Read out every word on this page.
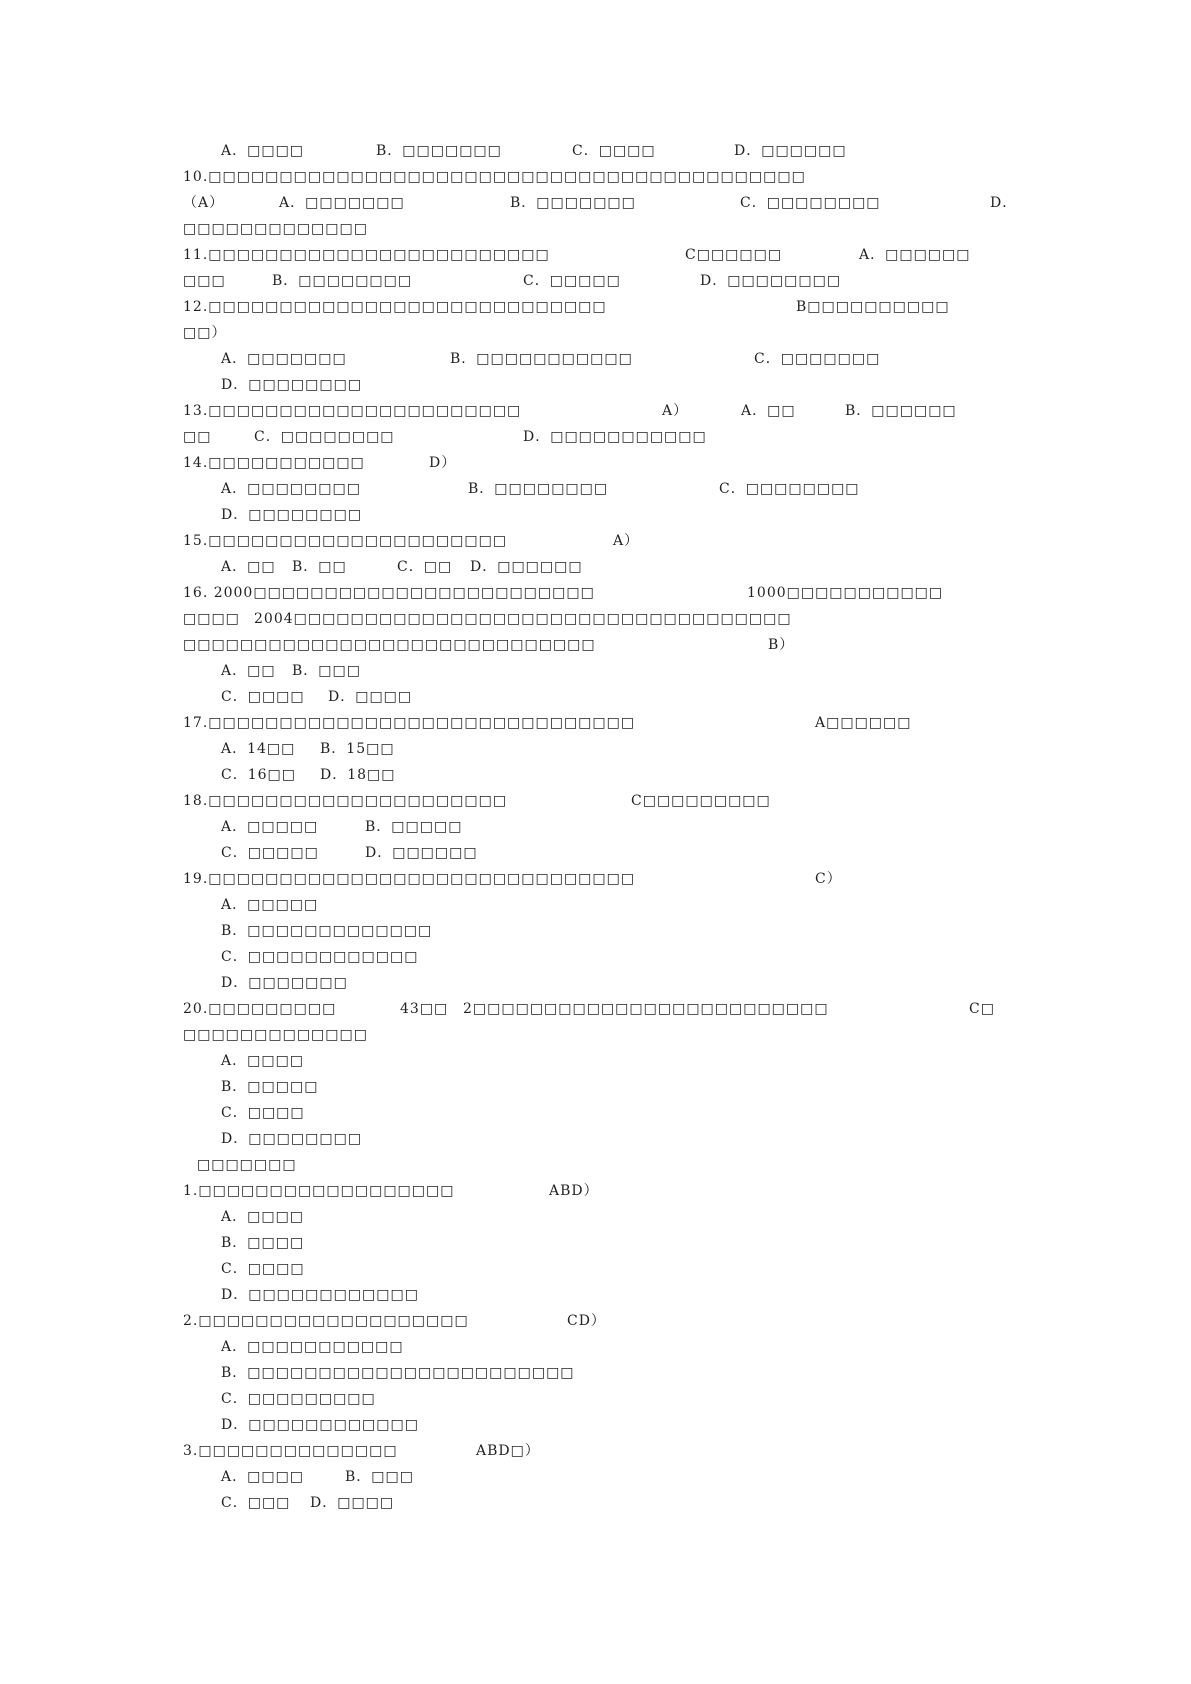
A．□□□□	B．□□□□□□□	C．□□□□	D．□□□□□□
10.□□□□□□□□□□□□□□□□□□□□□□□□□□□□□□□□□□□□□□□□□□
（A）	A．□□□□□□□	B．□□□□□□□	C．□□□□□□□□	D．
□□□□□□□□□□□□□
11.□□□□□□□□□□□□□□□□□□□□□□□□	C□□□□□□	A．□□□□□□
□□□	B．□□□□□□□□	C．□□□□□	D．□□□□□□□□
12.□□□□□□□□□□□□□□□□□□□□□□□□□□□□	B□□□□□□□□□□
□□）
A．□□□□□□□	B．□□□□□□□□□□□	C．□□□□□□□
D．□□□□□□□□
13.□□□□□□□□□□□□□□□□□□□□□□	A）	A．□□	B．□□□□□□
□□	C．□□□□□□□□	D．□□□□□□□□□□□
14.□□□□□□□□□□□	D）
A．□□□□□□□□	B．□□□□□□□□	C．□□□□□□□□
D．□□□□□□□□
15.□□□□□□□□□□□□□□□□□□□□□	A）
A．□□ B．□□	C．□□ D．□□□□□□
16. 2000□□□□□□□□□□□□□□□□□□□□□□□□	1000□□□□□□□□□□□
□□□□ 2004□□□□□□□□□□□□□□□□□□□□□□□□□□□□□□□□□□□
□□□□□□□□□□□□□□□□□□□□□□□□□□□□□	B）
A．□□ B．□□□
C．□□□□ D．□□□□
17.□□□□□□□□□□□□□□□□□□□□□□□□□□□□□□	A□□□□□□
A．14□□ B．15□□
C．16□□ D．18□□
18.□□□□□□□□□□□□□□□□□□□□□	C□□□□□□□□□
A．□□□□□	B．□□□□□
C．□□□□□	D．□□□□□□
19.□□□□□□□□□□□□□□□□□□□□□□□□□□□□□□	C）
A．□□□□□
B．□□□□□□□□□□□□□
C．□□□□□□□□□□□□
D．□□□□□□□
20.□□□□□□□□□	43□□ 2□□□□□□□□□□□□□□□□□□□□□□□□□	C□
□□□□□□□□□□□□□
A．□□□□
B．□□□□□
C．□□□□
D．□□□□□□□□
□□□□□□□
1.□□□□□□□□□□□□□□□□□□	ABD）
A．□□□□
B．□□□□
C．□□□□
D．□□□□□□□□□□□□
2.□□□□□□□□□□□□□□□□□□□	CD）
A．□□□□□□□□□□□
B．□□□□□□□□□□□□□□□□□□□□□□□
C．□□□□□□□□□
D．□□□□□□□□□□□□
3.□□□□□□□□□□□□□□	ABD□）
A．□□□□	B．□□□
C．□□□ D．□□□□
